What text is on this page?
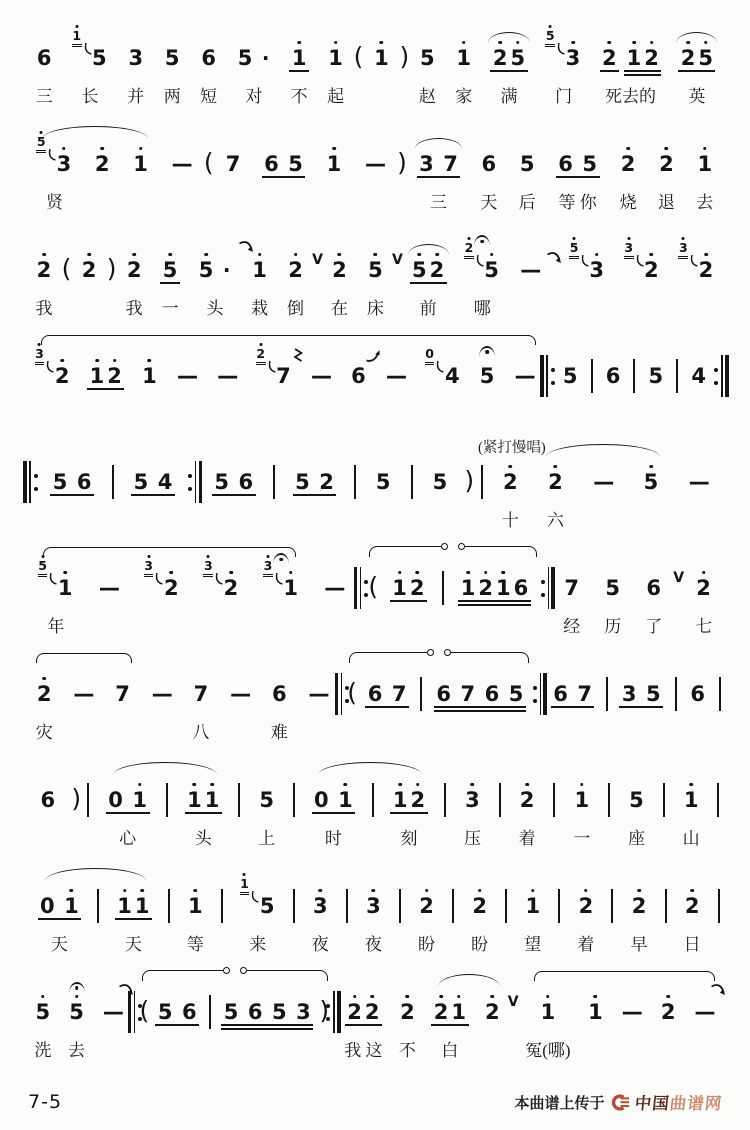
6
三
1
5
长
3
并
5
两
6
短
5 ·
对
1
不
1
起
( 1 ) 5
赵
1
家
2 5
满
5
3
门
2 1 2
死去的
2 5
英
5
3
贤
2 1 — ( 7 6 5 1 — ) 3 7
三
6
天
5
后
6 5
等 你
2
烧
2
退
1
去
2
我
( 2 ) 2
我
5
一
5 ·
头
1
栽
2
倒
V 2
在
5
床
V 5 2
前
2
5
哪
—
5
3
3
2
3
2
3
2 1 2 1 — —
2
7 — 6 —
0
4 5 — 5 6 5 4
5 6 5 4 5 6 5 2 5 5 ) 2
十
2
六
— 5 —
(紧打慢唱)
5
1
年
—
3
2
3
2
3
1 — ( 1 2 1 2 1 6 7
经
5
历
6
了
V 2
七
2
灾
— 7 — 7
八
— 6
难
— ( 6 7 6 7 6 5 6 7 3 5 6
6 ) 0 1
心
1 1
头
5
上
0 1
时
1 2
刻
3
压
2
着
1
一
5
座
1
山
0 1
天
1 1
天
1
等
1
5
来
3
夜
3
夜
2
盼
2
盼
1
望
2
着
2
早
2
日
5
洗
5
去
— ( 5 6 5 6 5 3 ) 2 2
我 这
2
不
2 1
白
2 V 1
冤(哪)
1 — 2 —
7-5	本曲谱上传于 中国曲谱网
